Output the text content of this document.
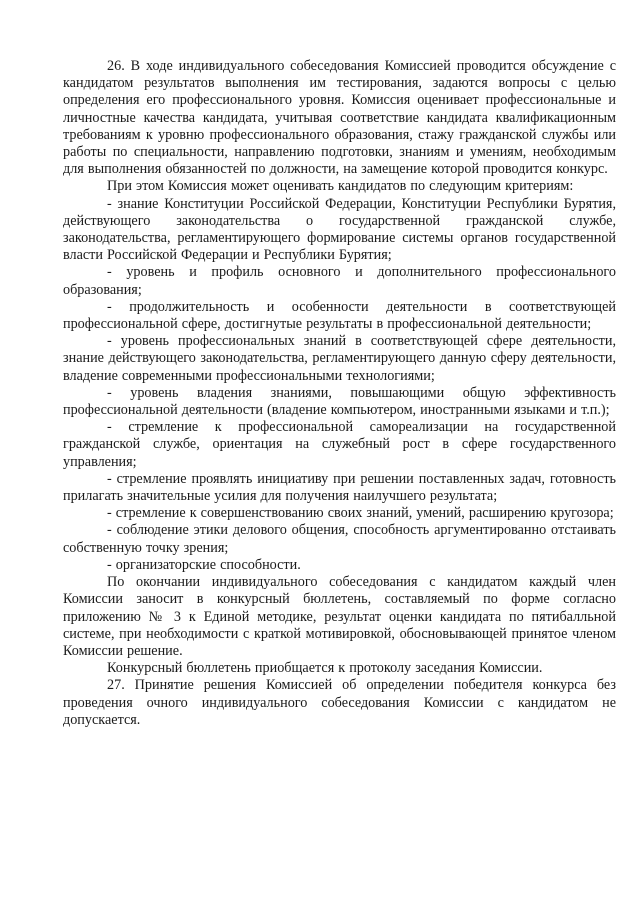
26. В ходе индивидуального собеседования Комиссией проводится обсуждение с кандидатом результатов выполнения им тестирования, задаются вопросы с целью определения его профессионального уровня. Комиссия оценивает профессиональные и личностные качества кандидата, учитывая соответствие кандидата квалификационным требованиям к уровню профессионального образования, стажу гражданской службы или работы по специальности, направлению подготовки, знаниям и умениям, необходимым для выполнения обязанностей по должности, на замещение которой проводится конкурс.

При этом Комиссия может оценивать кандидатов по следующим критериям:

- знание Конституции Российской Федерации, Конституции Республики Бурятия, действующего законодательства о государственной гражданской службе, законодательства, регламентирующего формирование системы органов государственной власти Российской Федерации и Республики Бурятия;

- уровень и профиль основного и дополнительного профессионального образования;

- продолжительность и особенности деятельности в соответствующей профессиональной сфере, достигнутые результаты в профессиональной деятельности;

- уровень профессиональных знаний в соответствующей сфере деятельности, знание действующего законодательства, регламентирующего данную сферу деятельности, владение современными профессиональными технологиями;

- уровень владения знаниями, повышающими общую эффективность профессиональной деятельности (владение компьютером, иностранными языками и т.п.);

- стремление к профессиональной самореализации на государственной гражданской службе, ориентация на служебный рост в сфере государственного управления;

- стремление проявлять инициативу при решении поставленных задач, готовность прилагать значительные усилия для получения наилучшего результата;

- стремление к совершенствованию своих знаний, умений, расширению кругозора;

- соблюдение этики делового общения, способность аргументированно отстаивать собственную точку зрения;

- организаторские способности.

По окончании индивидуального собеседования с кандидатом каждый член Комиссии заносит в конкурсный бюллетень, составляемый по форме согласно приложению № 3 к Единой методике, результат оценки кандидата по пятибалльной системе, при необходимости с краткой мотивировкой, обосновывающей принятое членом Комиссии решение.

Конкурсный бюллетень приобщается к протоколу заседания Комиссии.

27. Принятие решения Комиссией об определении победителя конкурса без проведения очного индивидуального собеседования Комиссии с кандидатом не допускается.
